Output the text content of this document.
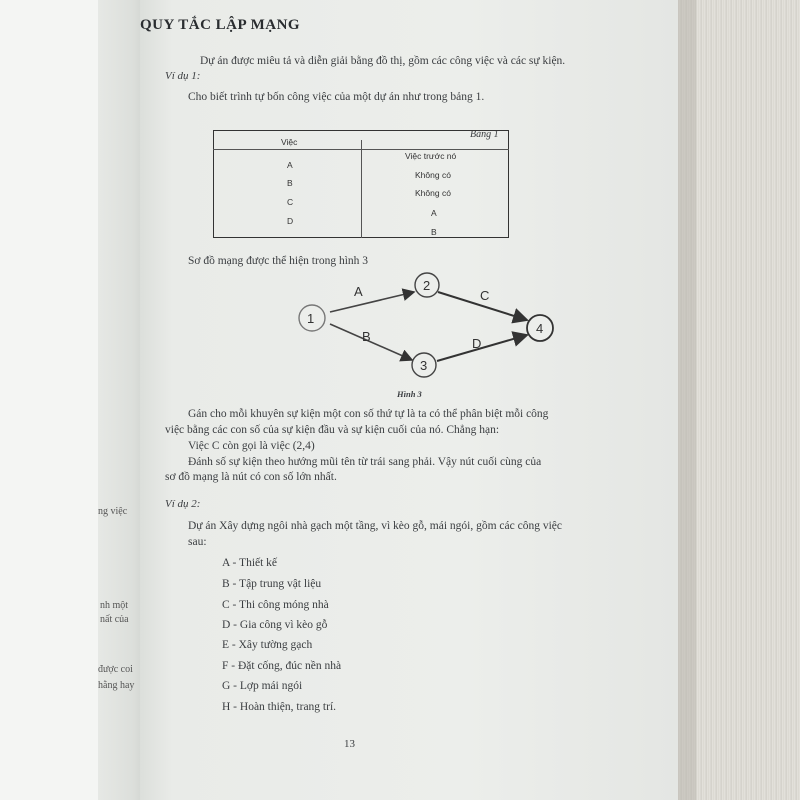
ng việc
nh một
nất của
được coi
hằng hay
QUY TẮC LẬP MẠNG
Dự án được miêu tả và diễn giải bằng đồ thị, gồm các công việc và các sự kiện.
Ví dụ 1:
Cho biết trình tự bốn công việc của một dự án như trong bảng 1.
Bảng 1
Việc
Việc trước nó
A
B
C
D
Không có
Không có
A
B
Sơ đồ mạng được thể hiện trong hình 3
1
2
3
4
A
B
C
D
Hình 3
Gán cho mỗi khuyên sự kiện một con số thứ tự là ta có thể phân biệt mỗi công
việc bằng các con số của sự kiện đầu và sự kiện cuối của nó. Chẳng hạn:
Việc C còn gọi là việc (2,4)
Đánh số sự kiện theo hướng mũi tên từ trái sang phải. Vậy nút cuối cùng của
sơ đồ mạng là nút có con số lớn nhất.
Ví dụ 2:
Dự án Xây dựng ngôi nhà gạch một tầng, vì kèo gỗ, mái ngói, gồm các công việc
sau:
A - Thiết kế
B - Tập trung vật liệu
C - Thi công móng nhà
D - Gia công vì kèo gỗ
E - Xây tường gạch
F - Đặt cống, đúc nền nhà
G - Lợp mái ngói
H - Hoàn thiện, trang trí.
13
